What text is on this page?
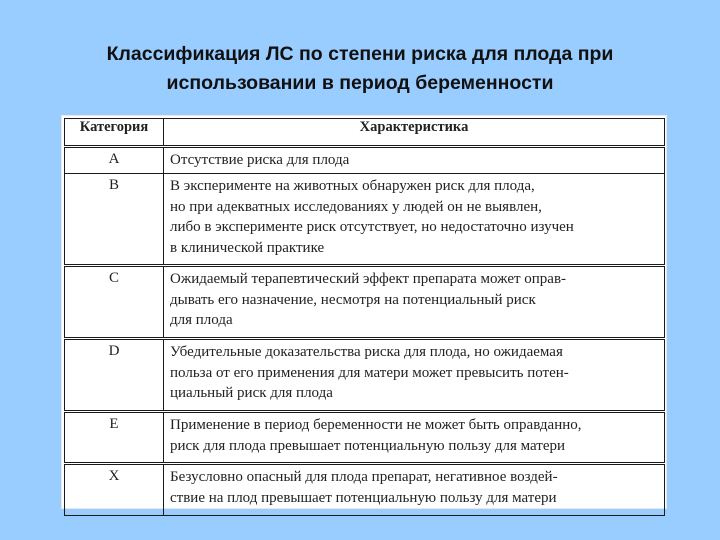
Классификация ЛС по степени риска для плода при
использовании в период беременности
Категория	Характеристика
A	Отсутствие риска для плода

B	В эксперименте на животных обнаружен риск для плода,
но при адекватных исследованиях у людей он не выявлен,
либо в эксперименте риск отсутствует, но недостаточно изучен
в клинической практике

C	Ожидаемый терапевтический эффект препарата может оправ-
дывать его назначение, несмотря на потенциальный риск
для плода

D	Убедительные доказательства риска для плода, но ожидаемая
польза от его применения для матери может превысить потен-
циальный риск для плода

E	Применение в период беременности не может быть оправданно,
риск для плода превышает потенциальную пользу для матери

X	Безусловно опасный для плода препарат, негативное воздей-
ствие на плод превышает потенциальную пользу для матери
